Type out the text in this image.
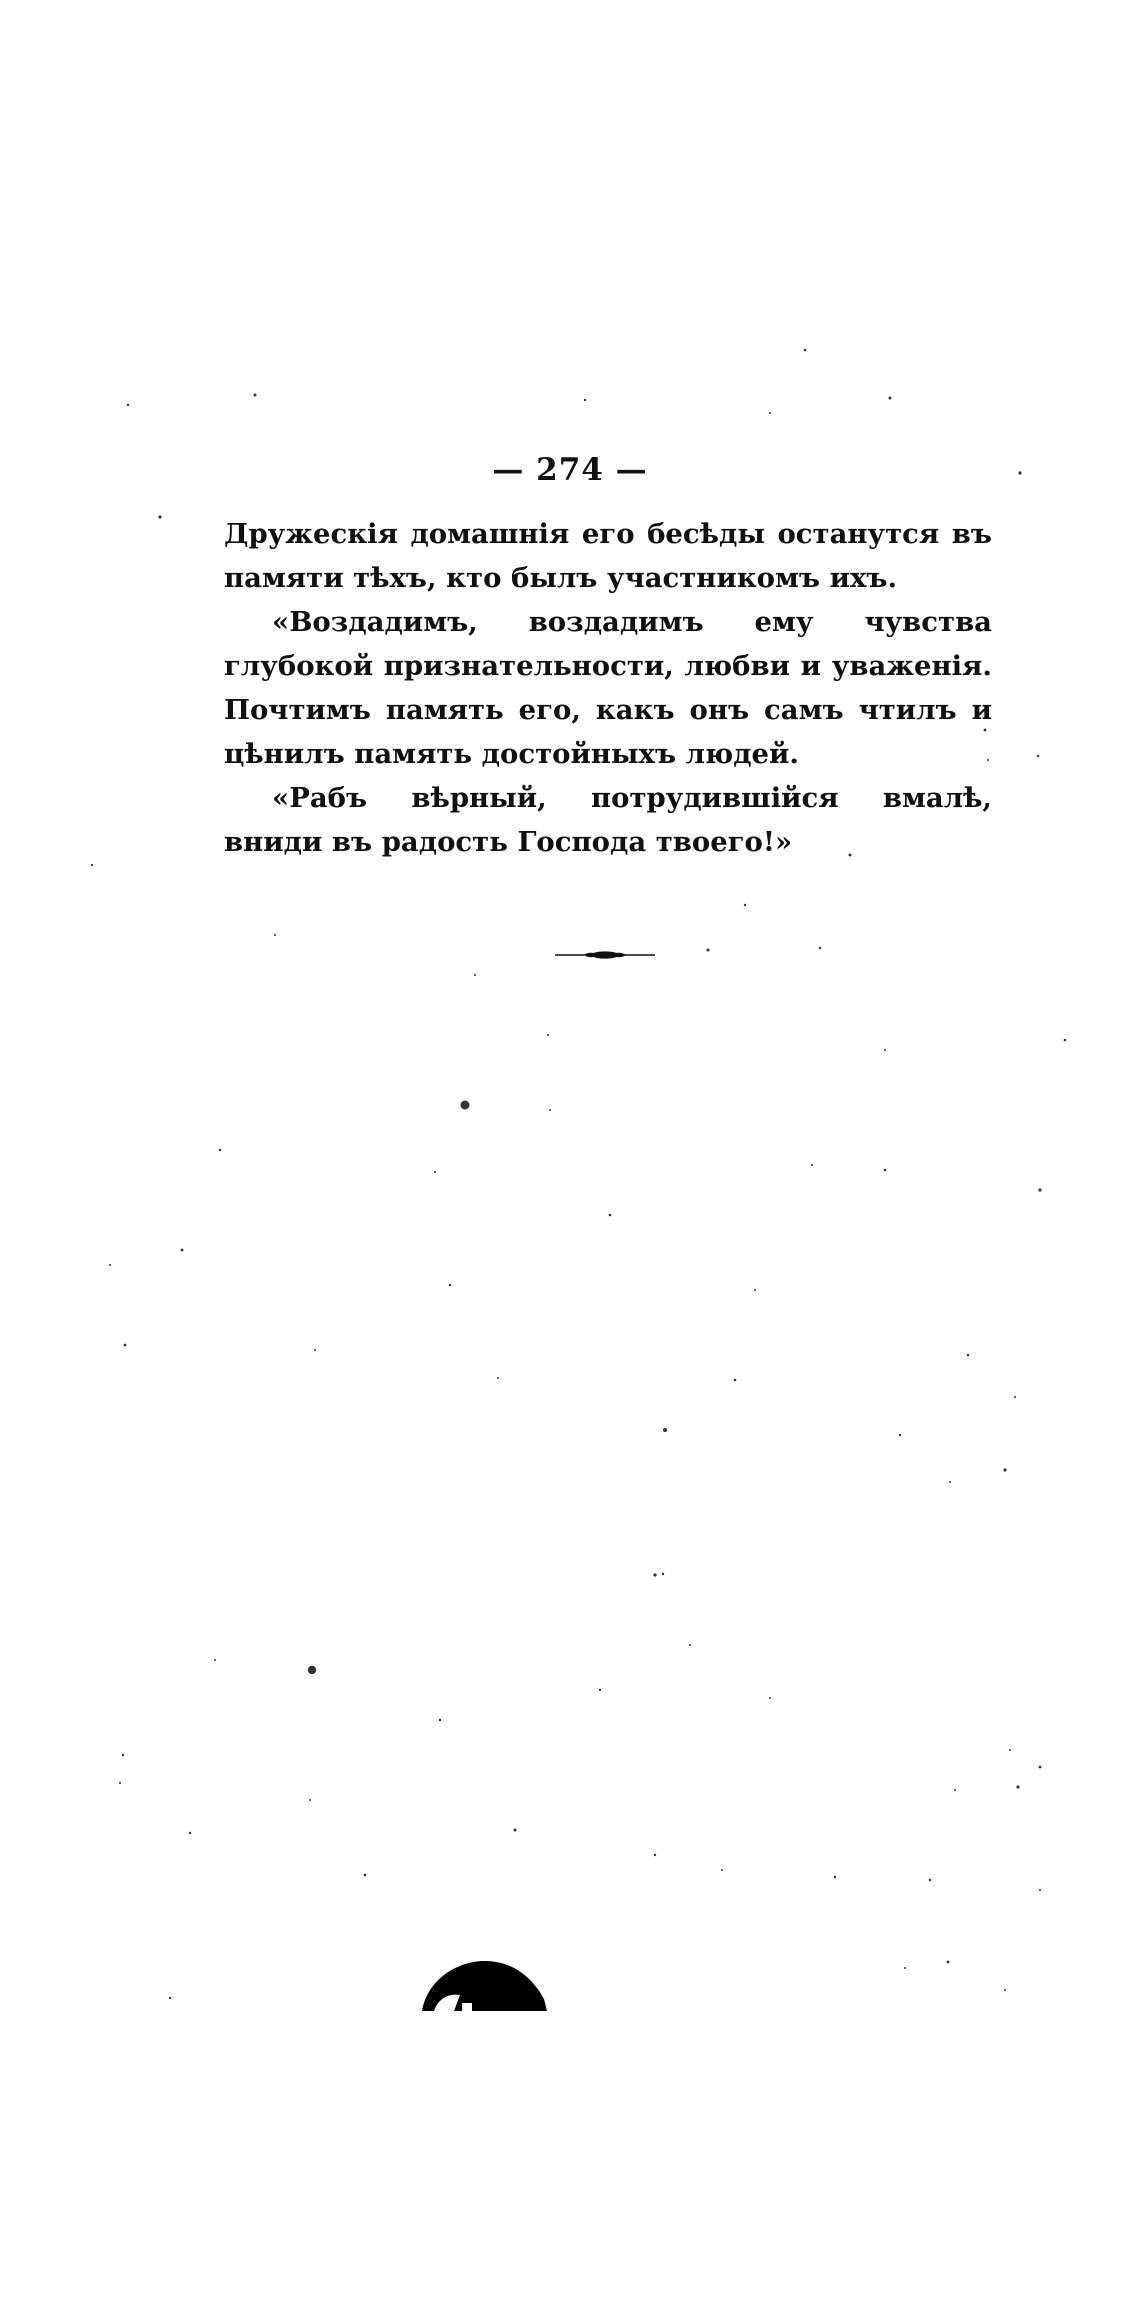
— 274 —

Дружескія домашнія его бесѣды останутся въ памяти тѣхъ, кто былъ участникомъ ихъ.

«Воздадимъ, воздадимъ ему чувства глубокой признательности, любви и уваженія. Почтимъ память его, какъ онъ самъ чтилъ и цѣнилъ память достойныхъ людей.

«Рабъ вѣрный, потрудившійся вмалѣ, вниди въ радость Господа твоего!»
